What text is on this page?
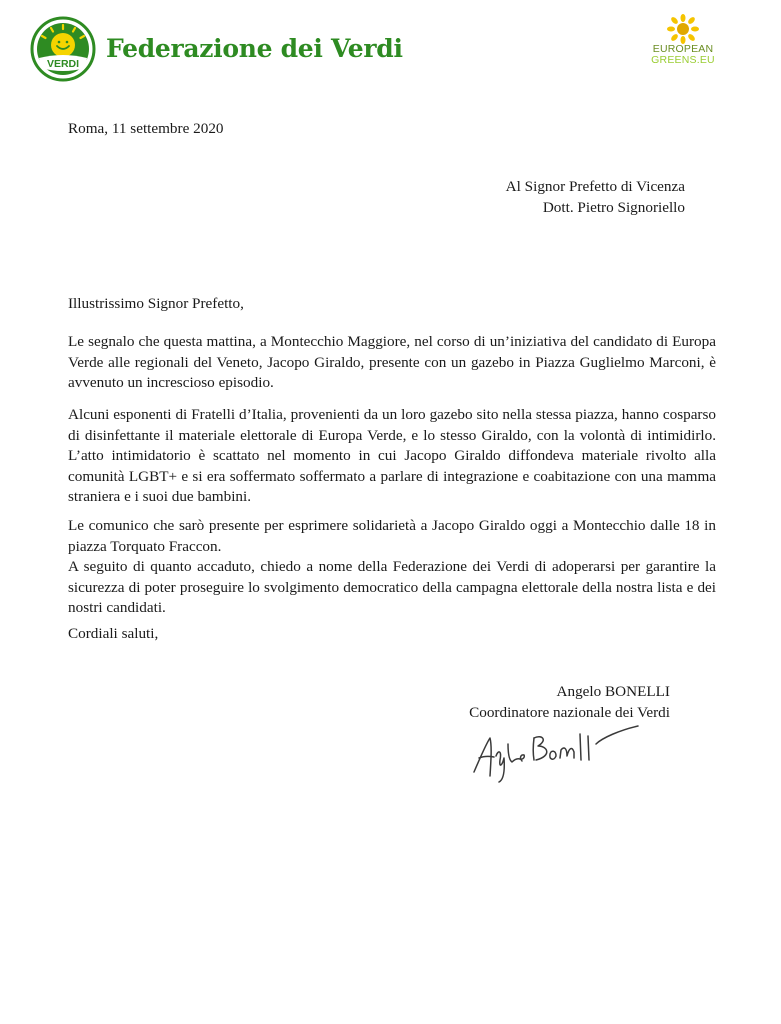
VERDI
Federazione dei Verdi	EUROPEAN
GREENS.EU
Roma, 11 settembre 2020
Al Signor Prefetto di Vicenza
Dott. Pietro Signoriello
Illustrissimo Signor Prefetto,
Le segnalo che questa mattina, a Montecchio Maggiore, nel corso di un’iniziativa del candidato di Europa Verde alle regionali del Veneto, Jacopo Giraldo, presente con un gazebo in Piazza Guglielmo Marconi, è avvenuto un increscioso episodio.
Alcuni esponenti di Fratelli d’Italia, provenienti da un loro gazebo sito nella stessa piazza, hanno cosparso di disinfettante il materiale elettorale di Europa Verde, e lo stesso Giraldo, con la volontà di intimidirlo. L’atto intimidatorio è scattato nel momento in cui Jacopo Giraldo diffondeva materiale rivolto alla comunità LGBT+ e si era soffermato soffermato a parlare di integrazione e coabitazione con una mamma straniera e i suoi due bambini.
Le comunico che sarò presente per esprimere solidarietà a Jacopo Giraldo oggi a Montecchio dalle 18 in piazza Torquato Fraccon.
A seguito di quanto accaduto, chiedo a nome della Federazione dei Verdi di adoperarsi per garantire la sicurezza di poter proseguire lo svolgimento democratico della campagna elettorale della nostra lista e dei nostri candidati.
Cordiali saluti,
Angelo BONELLI
Coordinatore nazionale dei Verdi
